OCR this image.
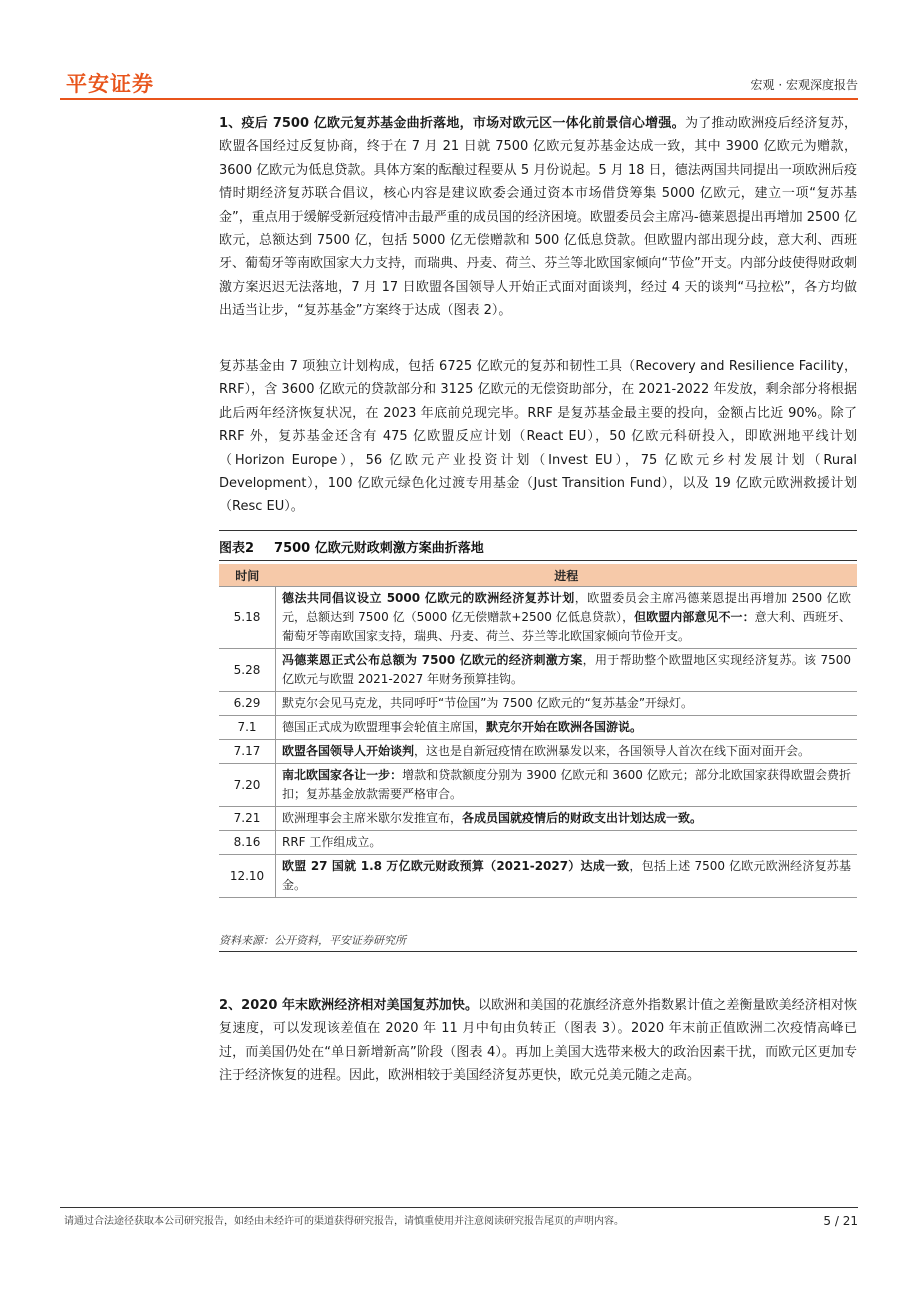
平安证券	宏观 · 宏观深度报告

1、疫后 7500 亿欧元复苏基金曲折落地，市场对欧元区一体化前景信心增强。为了推动欧洲疫后经济复苏，欧盟各国经过反复协商，终于在 7 月 21 日就 7500 亿欧元复苏基金达成一致，其中 3900 亿欧元为赠款，3600 亿欧元为低息贷款。具体方案的酝酿过程要从 5 月份说起。5 月 18 日，德法两国共同提出一项欧洲后疫情时期经济复苏联合倡议，核心内容是建议欧委会通过资本市场借贷筹集 5000 亿欧元，建立一项“复苏基金”，重点用于缓解受新冠疫情冲击最严重的成员国的经济困境。欧盟委员会主席冯-德莱恩提出再增加 2500 亿欧元，总额达到 7500 亿，包括 5000 亿无偿赠款和 500 亿低息贷款。但欧盟内部出现分歧，意大利、西班牙、葡萄牙等南欧国家大力支持，而瑞典、丹麦、荷兰、芬兰等北欧国家倾向“节俭”开支。内部分歧使得财政刺激方案迟迟无法落地，7 月 17 日欧盟各国领导人开始正式面对面谈判，经过 4 天的谈判“马拉松”，各方均做出适当让步，“复苏基金”方案终于达成（图表 2）。

复苏基金由 7 项独立计划构成，包括 6725 亿欧元的复苏和韧性工具（Recovery and Resilience Facility，RRF），含 3600 亿欧元的贷款部分和 3125 亿欧元的无偿资助部分，在 2021-2022 年发放，剩余部分将根据此后两年经济恢复状况，在 2023 年底前兑现完毕。RRF 是复苏基金最主要的投向，金额占比近 90%。除了 RRF 外，复苏基金还含有 475 亿欧盟反应计划（React EU），50 亿欧元科研投入，即欧洲地平线计划（Horizon Europe），56 亿欧元产业投资计划（Invest EU），75 亿欧元乡村发展计划（Rural Development），100 亿欧元绿色化过渡专用基金（Just Transition Fund），以及 19 亿欧元欧洲救援计划（Resc EU）。

2、2020 年末欧洲经济相对美国复苏加快。以欧洲和美国的花旗经济意外指数累计值之差衡量欧美经济相对恢复速度，可以发现该差值在 2020 年 11 月中旬由负转正（图表 3）。2020 年末前正值欧洲二次疫情高峰已过，而美国仍处在“单日新增新高”阶段（图表 4）。再加上美国大选带来极大的政治因素干扰，而欧元区更加专注于经济恢复的进程。因此，欧洲相较于美国经济复苏更快，欧元兑美元随之走高。

图表2 7500 亿欧元财政刺激方案曲折落地
时间	进程
5.18	德法共同倡议设立 5000 亿欧元的欧洲经济复苏计划，欧盟委员会主席冯德莱恩提出再增加 2500 亿欧元，总额达到 7500 亿（5000 亿无偿赠款+2500 亿低息贷款），但欧盟内部意见不一：意大利、西班牙、葡萄牙等南欧国家支持，瑞典、丹麦、荷兰、芬兰等北欧国家倾向节俭开支。
5.28	冯德莱恩正式公布总额为 7500 亿欧元的经济刺激方案，用于帮助整个欧盟地区实现经济复苏。该 7500 亿欧元与欧盟 2021-2027 年财务预算挂钩。
6.29	默克尔会见马克龙，共同呼吁“节俭国”为 7500 亿欧元的“复苏基金”开绿灯。
7.1	德国正式成为欧盟理事会轮值主席国，默克尔开始在欧洲各国游说。
7.17	欧盟各国领导人开始谈判，这也是自新冠疫情在欧洲暴发以来，各国领导人首次在线下面对面开会。
7.20	南北欧国家各让一步：增款和贷款额度分别为 3900 亿欧元和 3600 亿欧元；部分北欧国家获得欧盟会费折扣；复苏基金放款需要严格审合。
7.21	欧洲理事会主席米歇尔发推宣布，各成员国就疫情后的财政支出计划达成一致。
8.16	RRF 工作组成立。
12.10	欧盟 27 国就 1.8 万亿欧元财政预算（2021-2027）达成一致，包括上述 7500 亿欧元欧洲经济复苏基金。
资料来源：公开资料，平安证券研究所
请通过合法途径获取本公司研究报告，如经由未经许可的渠道获得研究报告，请慎重使用并注意阅读研究报告尾页的声明内容。	5 / 21
